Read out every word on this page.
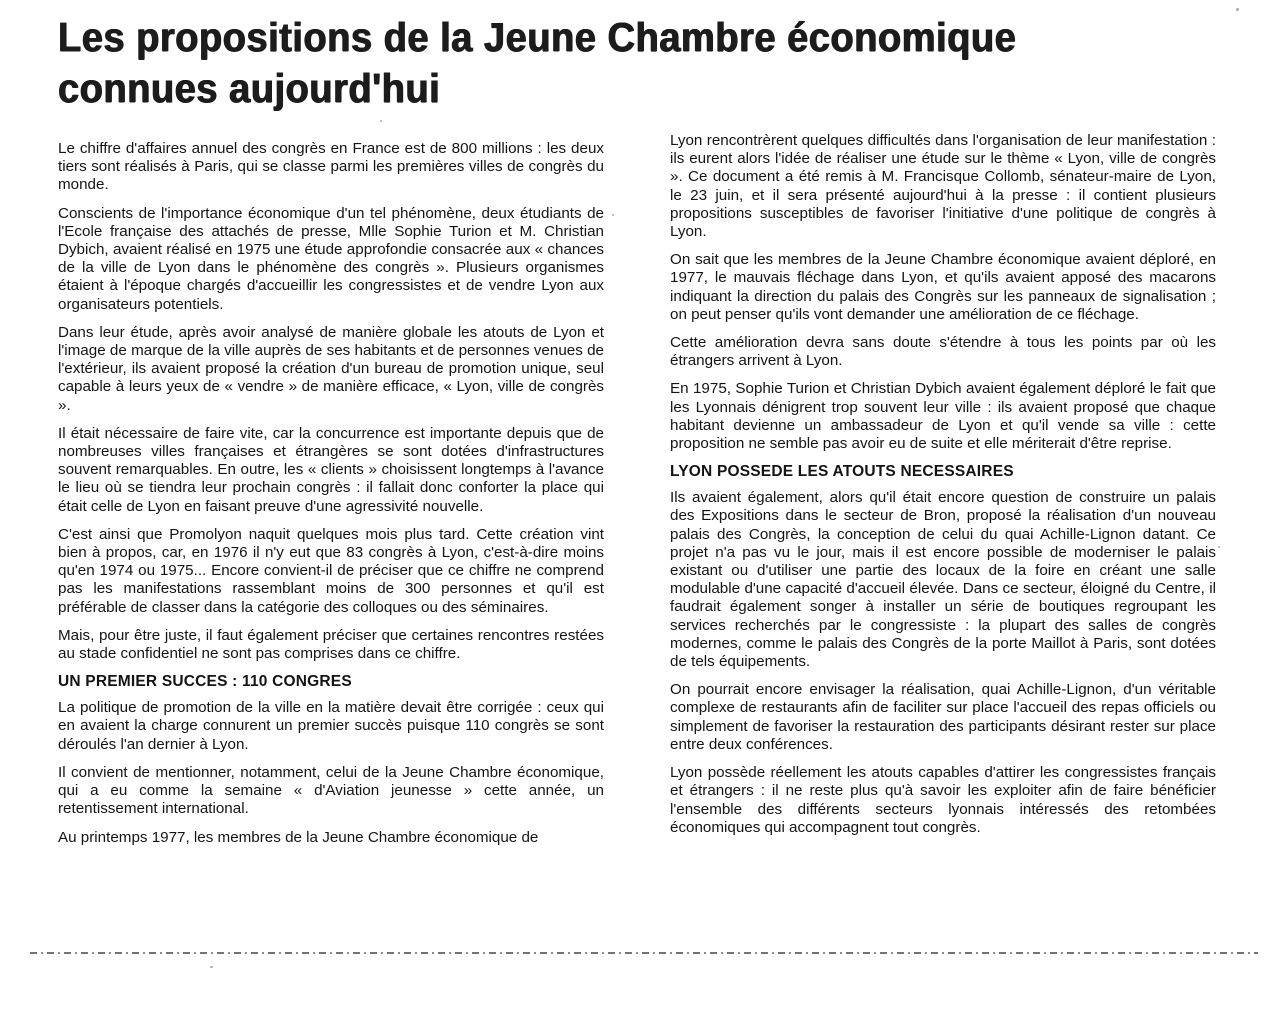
Les propositions de la Jeune Chambre économique
connues aujourd'hui

Le chiffre d'affaires annuel des congrès en France est de 800 millions : les deux tiers sont réalisés à Paris, qui se classe parmi les premières villes de congrès du monde.

Conscients de l'importance économique d'un tel phénomène, deux étudiants de l'Ecole française des attachés de presse, Mlle Sophie Turion et M. Christian Dybich, avaient réalisé en 1975 une étude approfondie consacrée aux « chances de la ville de Lyon dans le phénomène des congrès ». Plusieurs organismes étaient à l'époque chargés d'accueillir les congressistes et de vendre Lyon aux organisateurs potentiels.

Dans leur étude, après avoir analysé de manière globale les atouts de Lyon et l'image de marque de la ville auprès de ses habitants et de personnes venues de l'extérieur, ils avaient proposé la création d'un bureau de promotion unique, seul capable à leurs yeux de « vendre » de manière efficace, « Lyon, ville de congrès ».

Il était nécessaire de faire vite, car la concurrence est importante depuis que de nombreuses villes françaises et étrangères se sont dotées d'infrastructures souvent remarquables. En outre, les « clients » choisissent longtemps à l'avance le lieu où se tiendra leur prochain congrès : il fallait donc conforter la place qui était celle de Lyon en faisant preuve d'une agressivité nouvelle.

C'est ainsi que Promolyon naquit quelques mois plus tard. Cette création vint bien à propos, car, en 1976 il n'y eut que 83 congrès à Lyon, c'est-à-dire moins qu'en 1974 ou 1975... Encore convient-il de préciser que ce chiffre ne comprend pas les manifestations rassemblant moins de 300 personnes et qu'il est préférable de classer dans la catégorie des colloques ou des séminaires.

Mais, pour être juste, il faut également préciser que certaines rencontres restées au stade confidentiel ne sont pas comprises dans ce chiffre.

UN PREMIER SUCCES : 110 CONGRES

La politique de promotion de la ville en la matière devait être corrigée : ceux qui en avaient la charge connurent un premier succès puisque 110 congrès se sont déroulés l'an dernier à Lyon.

Il convient de mentionner, notamment, celui de la Jeune Chambre économique, qui a eu comme la semaine « d'Aviation jeunesse » cette année, un retentissement international.

Au printemps 1977, les membres de la Jeune Chambre économique de

Lyon rencontrèrent quelques difficultés dans l'organisation de leur manifestation : ils eurent alors l'idée de réaliser une étude sur le thème « Lyon, ville de congrès ». Ce document a été remis à M. Francisque Collomb, sénateur-maire de Lyon, le 23 juin, et il sera présenté aujourd'hui à la presse : il contient plusieurs propositions susceptibles de favoriser l'initiative d'une politique de congrès à Lyon.

On sait que les membres de la Jeune Chambre économique avaient déploré, en 1977, le mauvais fléchage dans Lyon, et qu'ils avaient apposé des macarons indiquant la direction du palais des Congrès sur les panneaux de signalisation ; on peut penser qu'ils vont demander une amélioration de ce fléchage.

Cette amélioration devra sans doute s'étendre à tous les points par où les étrangers arrivent à Lyon.

En 1975, Sophie Turion et Christian Dybich avaient également déploré le fait que les Lyonnais dénigrent trop souvent leur ville : ils avaient proposé que chaque habitant devienne un ambassadeur de Lyon et qu'il vende sa ville : cette proposition ne semble pas avoir eu de suite et elle mériterait d'être reprise.

LYON POSSEDE LES ATOUTS NECESSAIRES

Ils avaient également, alors qu'il était encore question de construire un palais des Expositions dans le secteur de Bron, proposé la réalisation d'un nouveau palais des Congrès, la conception de celui du quai Achille-Lignon datant. Ce projet n'a pas vu le jour, mais il est encore possible de moderniser le palais existant ou d'utiliser une partie des locaux de la foire en créant une salle modulable d'une capacité d'accueil élevée. Dans ce secteur, éloigné du Centre, il faudrait également songer à installer un série de boutiques regroupant les services recherchés par le congressiste : la plupart des salles de congrès modernes, comme le palais des Congrès de la porte Maillot à Paris, sont dotées de tels équipements.

On pourrait encore envisager la réalisation, quai Achille-Lignon, d'un véritable complexe de restaurants afin de faciliter sur place l'accueil des repas officiels ou simplement de favoriser la restauration des participants désirant rester sur place entre deux conférences.

Lyon possède réellement les atouts capables d'attirer les congressistes français et étrangers : il ne reste plus qu'à savoir les exploiter afin de faire bénéficier l'ensemble des différents secteurs lyonnais intéressés des retombées économiques qui accompagnent tout congrès.
